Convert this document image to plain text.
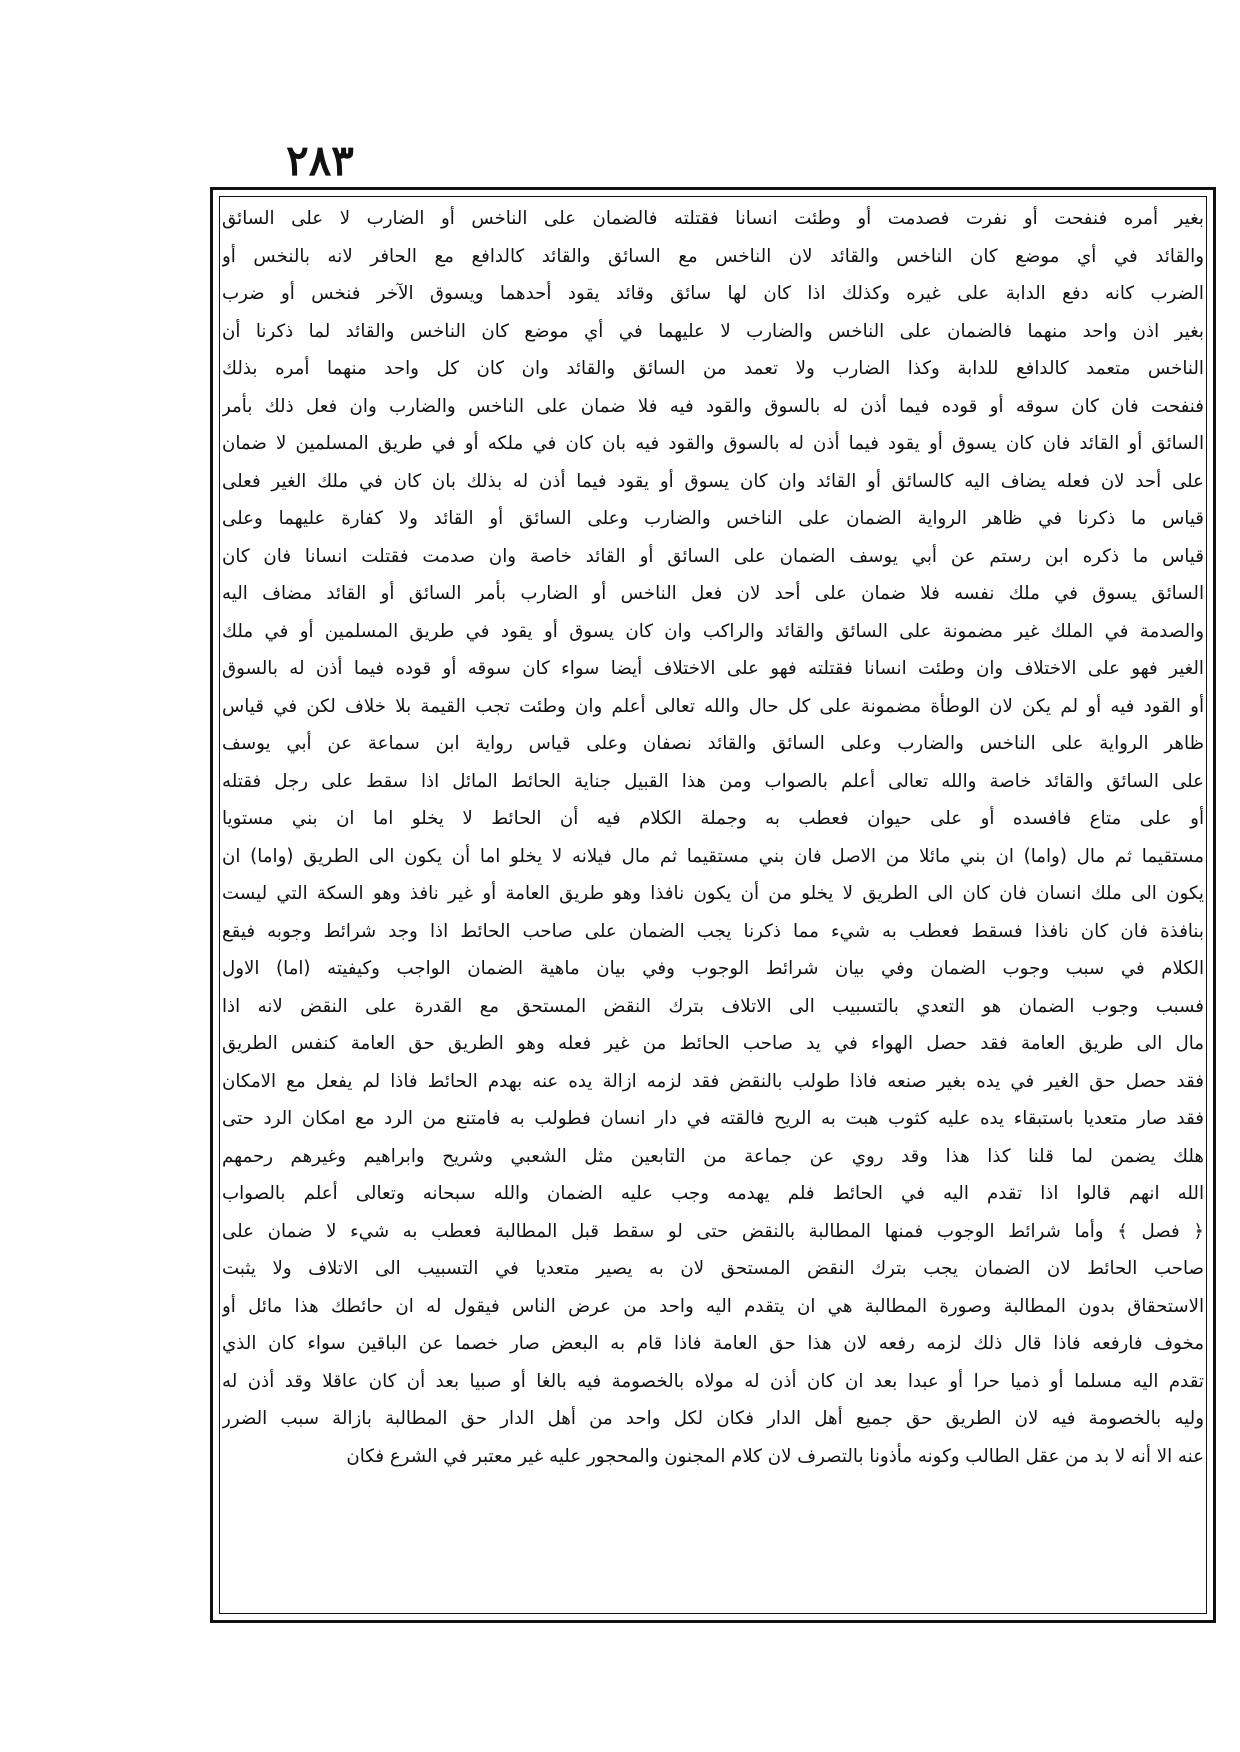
٢٨٣
بغير أمره فنفحت أو نفرت فصدمت أو وطئت انسانا فقتلته فالضمان على الناخس أو الضارب لا على السائق
والقائد في أي موضع كان الناخس والقائد لان الناخس مع السائق والقائد كالدافع مع الحافر لانه بالنخس أو
الضرب كانه دفع الدابة على غيره وكذلك اذا كان لها سائق وقائد يقود أحدهما ويسوق الآخر فنخس أو ضرب
بغير اذن واحد منهما فالضمان على الناخس والضارب لا عليهما في أي موضع كان الناخس والقائد لما ذكرنا أن
الناخس متعمد كالدافع للدابة وكذا الضارب ولا تعمد من السائق والقائد وان كان كل واحد منهما أمره بذلك
فنفحت فان كان سوقه أو قوده فيما أذن له بالسوق والقود فيه فلا ضمان على الناخس والضارب وان فعل ذلك بأمر
السائق أو القائد فان كان يسوق أو يقود فيما أذن له بالسوق والقود فيه بان كان في ملكه أو في طريق المسلمين لا ضمان
على أحد لان فعله يضاف اليه كالسائق أو القائد وان كان يسوق أو يقود فيما أذن له بذلك بان كان في ملك الغير فعلى
قياس ما ذكرنا في ظاهر الرواية الضمان على الناخس والضارب وعلى السائق أو القائد ولا كفارة عليهما وعلى
قياس ما ذكره ابن رستم عن أبي يوسف الضمان على السائق أو القائد خاصة وان صدمت فقتلت انسانا فان كان
السائق يسوق في ملك نفسه فلا ضمان على أحد لان فعل الناخس أو الضارب بأمر السائق أو القائد مضاف اليه
والصدمة في الملك غير مضمونة على السائق والقائد والراكب وان كان يسوق أو يقود في طريق المسلمين أو في ملك
الغير فهو على الاختلاف وان وطئت انسانا فقتلته فهو على الاختلاف أيضا سواء كان سوقه أو قوده فيما أذن له بالسوق
أو القود فيه أو لم يكن لان الوطأة مضمونة على كل حال والله تعالى أعلم وان وطئت تجب القيمة بلا خلاف لكن في قياس
ظاهر الرواية على الناخس والضارب وعلى السائق والقائد نصفان وعلى قياس رواية ابن سماعة عن أبي يوسف
على السائق والقائد خاصة والله تعالى أعلم بالصواب ومن هذا القبيل جناية الحائط المائل اذا سقط على رجل فقتله
أو على متاع فافسده أو على حيوان فعطب به وجملة الكلام فيه أن الحائط لا يخلو اما ان بني مستويا
مستقيما ثم مال (واما) ان بني مائلا من الاصل فان بني مستقيما ثم مال فيلانه لا يخلو اما أن يكون الى الطريق (واما) ان
يكون الى ملك انسان فان كان الى الطريق لا يخلو من أن يكون نافذا وهو طريق العامة أو غير نافذ وهو السكة التي ليست
بنافذة فان كان نافذا فسقط فعطب به شيء مما ذكرنا يجب الضمان على صاحب الحائط اذا وجد شرائط وجوبه فيقع
الكلام في سبب وجوب الضمان وفي بيان شرائط الوجوب وفي بيان ماهية الضمان الواجب وكيفيته (اما) الاول
فسبب وجوب الضمان هو التعدي بالتسبيب الى الاتلاف بترك النقض المستحق مع القدرة على النقض لانه اذا
مال الى طريق العامة فقد حصل الهواء في يد صاحب الحائط من غير فعله وهو الطريق حق العامة كنفس الطريق
فقد حصل حق الغير في يده بغير صنعه فاذا طولب بالنقض فقد لزمه ازالة يده عنه بهدم الحائط فاذا لم يفعل مع الامكان
فقد صار متعديا باستبقاء يده عليه كثوب هبت به الريح فالقته في دار انسان فطولب به فامتنع من الرد مع امكان الرد حتى
هلك يضمن لما قلنا كذا هذا وقد روي عن جماعة من التابعين مثل الشعبي وشريح وابراهيم وغيرهم رحمهم
الله انهم قالوا اذا تقدم اليه في الحائط فلم يهدمه وجب عليه الضمان والله سبحانه وتعالى أعلم بالصواب
﴿ فصل ﴾ وأما شرائط الوجوب فمنها المطالبة بالنقض حتى لو سقط قبل المطالبة فعطب به شيء لا ضمان على
صاحب الحائط لان الضمان يجب بترك النقض المستحق لان به يصير متعديا في التسبيب الى الاتلاف ولا يثبت
الاستحقاق بدون المطالبة وصورة المطالبة هي ان يتقدم اليه واحد من عرض الناس فيقول له ان حائطك هذا مائل أو
مخوف فارفعه فاذا قال ذلك لزمه رفعه لان هذا حق العامة فاذا قام به البعض صار خصما عن الباقين سواء كان الذي
تقدم اليه مسلما أو ذميا حرا أو عبدا بعد ان كان أذن له مولاه بالخصومة فيه بالغا أو صبيا بعد أن كان عاقلا وقد أذن له
وليه بالخصومة فيه لان الطريق حق جميع أهل الدار فكان لكل واحد من أهل الدار حق المطالبة بازالة سبب الضرر
عنه الا أنه لا بد من عقل الطالب وكونه مأذونا بالتصرف لان كلام المجنون والمحجور عليه غير معتبر في الشرع فكان
